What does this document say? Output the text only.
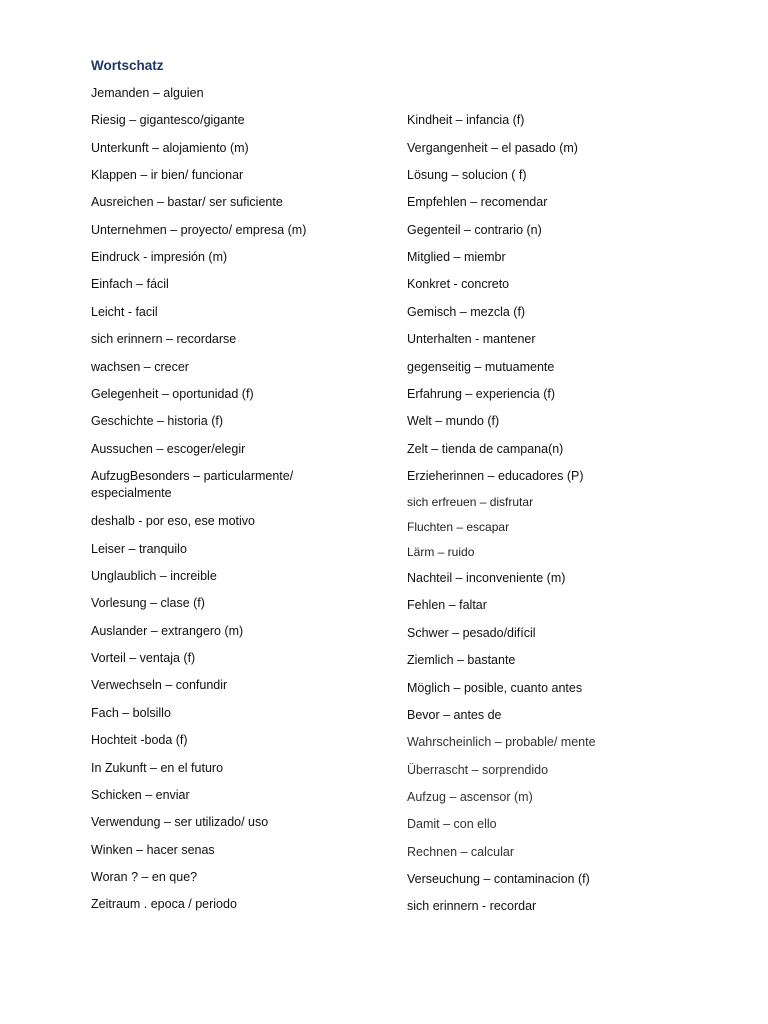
Wortschatz
Jemanden – alguien
Riesig – gigantesco/gigante
Unterkunft – alojamiento (m)
Klappen – ir bien/ funcionar
Ausreichen – bastar/ ser suficiente
Unternehmen – proyecto/ empresa (m)
Eindruck - impresión (m)
Einfach – fácil
Leicht - facil
sich erinnern – recordarse
wachsen – crecer
Gelegenheit – oportunidad (f)
Geschichte – historia (f)
Aussuchen – escoger/elegir
AufzugBesonders – particularmente/ especialmente
deshalb - por eso, ese motivo
Leiser – tranquilo
Unglaublich – increible
Vorlesung – clase (f)
Auslander – extrangero (m)
Vorteil – ventaja (f)
Verwechseln – confundir
Fach – bolsillo
Hochteit -boda (f)
In Zukunft – en el futuro
Schicken – enviar
Verwendung – ser utilizado/ uso
Winken – hacer senas
Woran ? – en que?
Zeitraum . epoca / periodo
Kindheit – infancia (f)
Vergangenheit – el pasado (m)
Lösung – solucion ( f)
Empfehlen – recomendar
Gegenteil – contrario (n)
Mitglied – miembr
Konkret - concreto
Gemisch – mezcla (f)
Unterhalten - mantener
gegenseitig – mutuamente
Erfahrung – experiencia (f)
Welt – mundo (f)
Zelt – tienda de campana(n)
Erzieherinnen – educadores (P)
sich erfreuen – disfrutar
Fluchten – escapar
Lärm – ruido
Nachteil – inconveniente (m)
Fehlen – faltar
Schwer – pesado/difícil
Ziemlich – bastante
Möglich – posible, cuanto antes
Bevor – antes de
Wahrscheinlich – probable/ mente
Überrascht – sorprendido
Aufzug – ascensor (m)
Damit – con ello
Rechnen – calcular
Verseuchung – contaminacion (f)
sich erinnern - recordar
